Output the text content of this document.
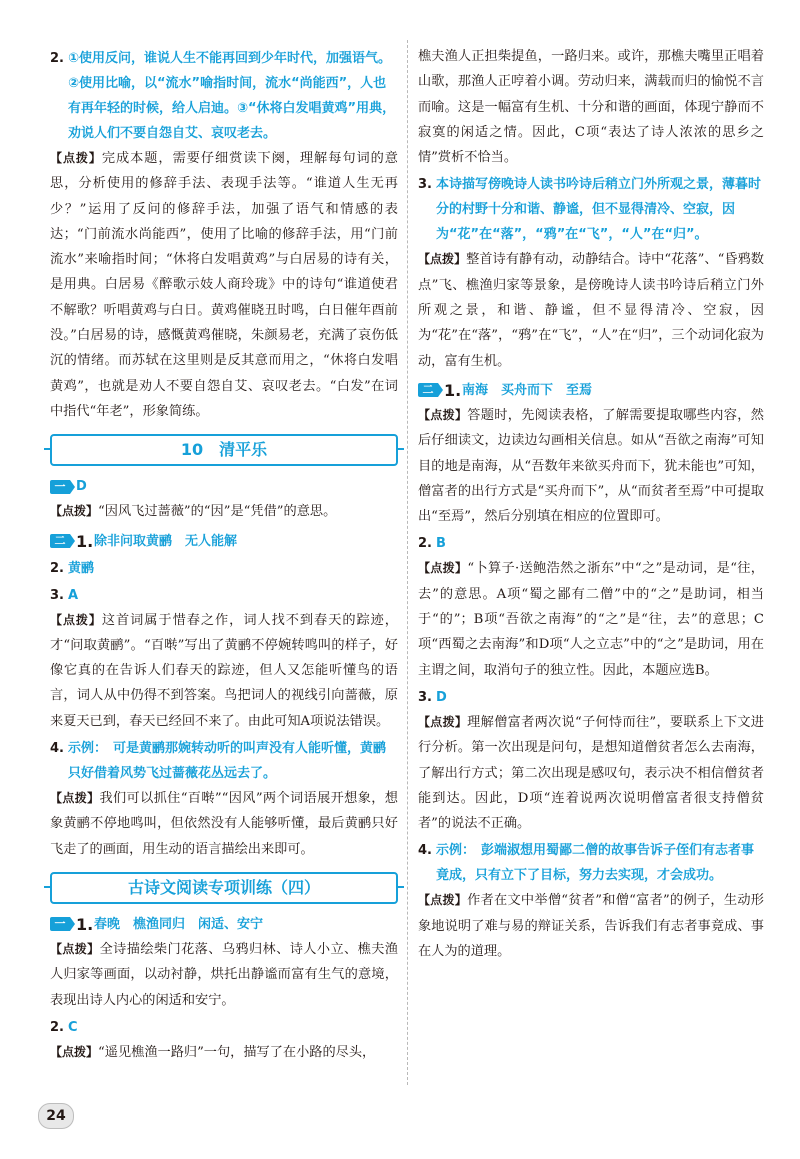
2. ①使用反问，谁说人生不能再回到少年时代，加强语气。②使用比喻，以“流水”喻指时间，流水“尚能西”，人也有再年轻的时候，给人启迪。③“休将白发唱黄鸡”用典，劝说人们不要自怨自艾、哀叹老去。

【点拨】完成本题，需要仔细赏读下阕，理解每句词的意思，分析使用的修辞手法、表现手法等。“谁道人生无再少？”运用了反问的修辞手法，加强了语气和情感的表达；“门前流水尚能西”，使用了比喻的修辞手法，用“门前流水”来喻指时间；“休将白发唱黄鸡”与白居易的诗有关，是用典。白居易《醉歌示妓人商玲珑》中的诗句“谁道使君不解歌？听唱黄鸡与白日。黄鸡催晓丑时鸣，白日催年酉前没。”白居易的诗，感慨黄鸡催晓，朱颜易老，充满了哀伤低沉的情绪。而苏轼在这里则是反其意而用之，“休将白发唱黄鸡”，也就是劝人不要自怨自艾、哀叹老去。“白发”在词中指代“年老”，形象简练。

10　清平乐
一 D

【点拨】“因风飞过蔷薇”的“因”是“凭借”的意思。

二 1. 除非问取黄鹂　无人能解
2. 黄鹂
3. A

【点拨】这首词属于惜春之作，词人找不到春天的踪迹，才“问取黄鹂”。“百啭”写出了黄鹂不停婉转鸣叫的样子，好像它真的在告诉人们春天的踪迹，但人又怎能听懂鸟的语言，词人从中仍得不到答案。鸟把词人的视线引向蔷薇，原来夏天已到，春天已经回不来了。由此可知A项说法错误。

4. 示例： 可是黄鹂那婉转动听的叫声没有人能听懂，黄鹂只好借着风势飞过蔷薇花丛远去了。

【点拨】我们可以抓住“百啭”“因风”两个词语展开想象，想象黄鹂不停地鸣叫，但依然没有人能够听懂，最后黄鹂只好飞走了的画面，用生动的语言描绘出来即可。

古诗文阅读专项训练（四）
一 1. 春晚　樵渔同归　闲适、安宁

【点拨】全诗描绘柴门花落、乌鸦归林、诗人小立、樵夫渔人归家等画面，以动衬静，烘托出静谧而富有生气的意境，表现出诗人内心的闲适和安宁。

2. C

【点拨】“遥见樵渔一路归”一句，描写了在小路的尽头，

樵夫渔人正担柴提鱼，一路归来。或许，那樵夫嘴里正唱着山歌，那渔人正哼着小调。劳动归来，满载而归的愉悦不言而喻。这是一幅富有生机、十分和谐的画面，体现宁静而不寂寞的闲适之情。因此，C项“表达了诗人浓浓的思乡之情”赏析不恰当。

3. 本诗描写傍晚诗人读书吟诗后稍立门外所观之景，薄暮时分的村野十分和谐、静谧，但不显得清冷、空寂，因为“花”在“落”，“鸦”在“飞”，“人”在“归”。

【点拨】整首诗有静有动，动静结合。诗中“花落”、“昏鸦数点”飞、樵渔归家等景象，是傍晚诗人读书吟诗后稍立门外所观之景，和谐、静谧，但不显得清冷、空寂，因为“花”在“落”，“鸦”在“飞”，“人”在“归”，三个动词化寂为动，富有生机。

二 1. 南海　买舟而下　至焉

【点拨】答题时，先阅读表格，了解需要提取哪些内容，然后仔细读文，边读边勾画相关信息。如从“吾欲之南海”可知目的地是南海，从“吾数年来欲买舟而下，犹未能也”可知，僧富者的出行方式是“买舟而下”，从“而贫者至焉”中可提取出“至焉”，然后分别填在相应的位置即可。

2. B

【点拨】“卜算子·送鲍浩然之浙东”中“之”是动词，是“往，去”的意思。A项“蜀之鄙有二僧”中的“之”是助词，相当于“的”；B项“吾欲之南海”的“之”是“往，去”的意思；C项“西蜀之去南海”和D项“人之立志”中的“之”是助词，用在主谓之间，取消句子的独立性。因此，本题应选B。

3. D

【点拨】理解僧富者两次说“子何恃而往”，要联系上下文进行分析。第一次出现是问句，是想知道僧贫者怎么去南海，了解出行方式；第二次出现是感叹句，表示决不相信僧贫者能到达。因此，D项“连着说两次说明僧富者很支持僧贫者”的说法不正确。

4. 示例： 彭端淑想用蜀鄙二僧的故事告诉子侄们有志者事竟成，只有立下了目标，努力去实现，才会成功。

【点拨】作者在文中举僧“贫者”和僧“富者”的例子，生动形象地说明了难与易的辩证关系，告诉我们有志者事竟成、事在人为的道理。

24
